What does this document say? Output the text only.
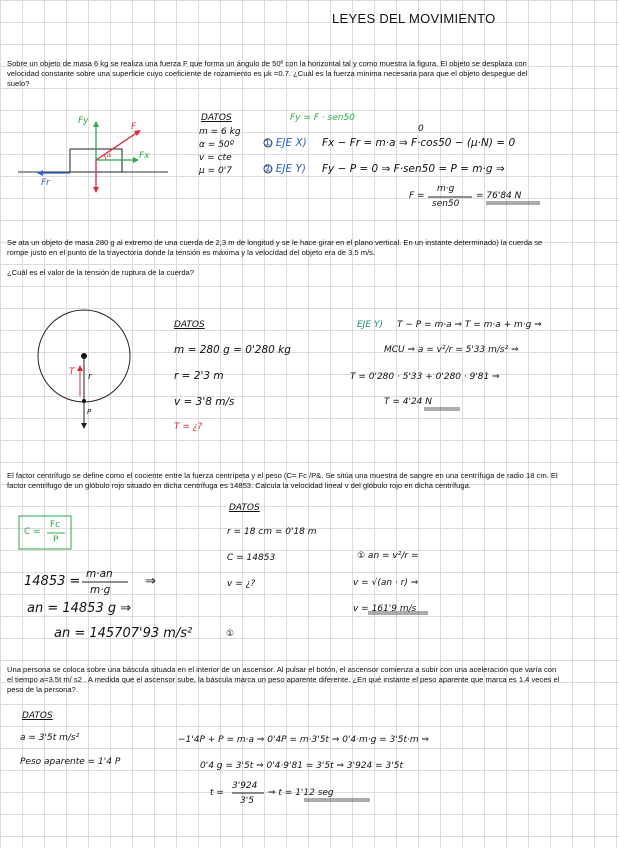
LEYES DEL MOVIMIENTO
Sobre un objeto de masa 6 kg se realiza una fuerza F que forma un ángulo de 50º con la horizontal tal y como muestra la figura. El objeto se desplaza con velocidad constante sobre una superficie cuyo coeficiente de rozamiento es μk =0.7. ¿Cuál es la fuerza mínima necesaria para que el objeto despegue del suelo?
Fy
F
Fx
Fr
α
DATOS
m = 6 kg
α = 50º
v = cte
μ = 0'7
Fy = F · sen50
① EJE X) Fx − Fr = m·a ⇒ F·cos50 − (μ·N) = 0
0
② EJE Y) Fy − P = 0 ⇒ F·sen50 = P = m·g ⇒
F =
m·g
sen50
= 76'84 N
Se ata un objeto de masa 280 g al extremo de una cuerda de 2,3 m de longitud y se le hace girar en el plano vertical. En un instante determinado) la cuerda se rompe justo en el punto de la trayectoria donde la tensión es máxima y la velocidad del objeto era de 3.5 m/s.
¿Cuál es el valor de la tensión de ruptura de la cuerda?
T r
P
DATOS
m = 280 g = 0'280 kg
r = 2'3 m
v = 3'8 m/s
T = ¿?
EJE Y) T − P = m·a ⇒ T = m·a + m·g ⇒
MCU ⇒ a = v²/r = 5'33 m/s² ⇒
T = 0'280 · 5'33 + 0'280 · 9'81 ⇒
T = 4'24 N
El factor centrífugo se define como el cociente entre la fuerza centrípeta y el peso (C= Fc /P&. Se sitúa una muestra de sangre en una centrífuga de radio 18 cm. El factor centrífugo de un glóbulo rojo situado en dicha centrífuga es 14853. Calcula la velocidad lineal v del glóbulo rojo en dicha centrífuga.
C =
Fc
P
DATOS
r = 18 cm = 0'18 m
C = 14853
v = ¿?
14853 = m·an
m·g
⇒
an = 14853 g ⇒
an = 145707'93 m/s²	①
① an = v²/r =
v = √(an · r) ⇒
v = 161'9 m/s
Una persona se coloca sobre una báscula situada en el interior de un ascensor. Al pulsar el botón, el ascensor comienza a subir con una aceleración que varía con el tiempo a=3.5t m/ s2 . A medida que el ascensor sube, la báscula marca un peso aparente diferente. ¿En qué instante el peso aparente que marca es 1.4 veces el peso de la persona?.
DATOS
a = 3'5t m/s²
Peso aparente = 1'4 P
−1'4P + P = m·a ⇒ 0'4P = m·3'5t ⇒ 0'4·m·g = 3'5t·m ⇒
0'4 g = 3'5t ⇒ 0'4·9'81 = 3'5t ⇒ 3'924 = 3'5t
t =
3'924
3'5
⇒ t = 1'12 seg
